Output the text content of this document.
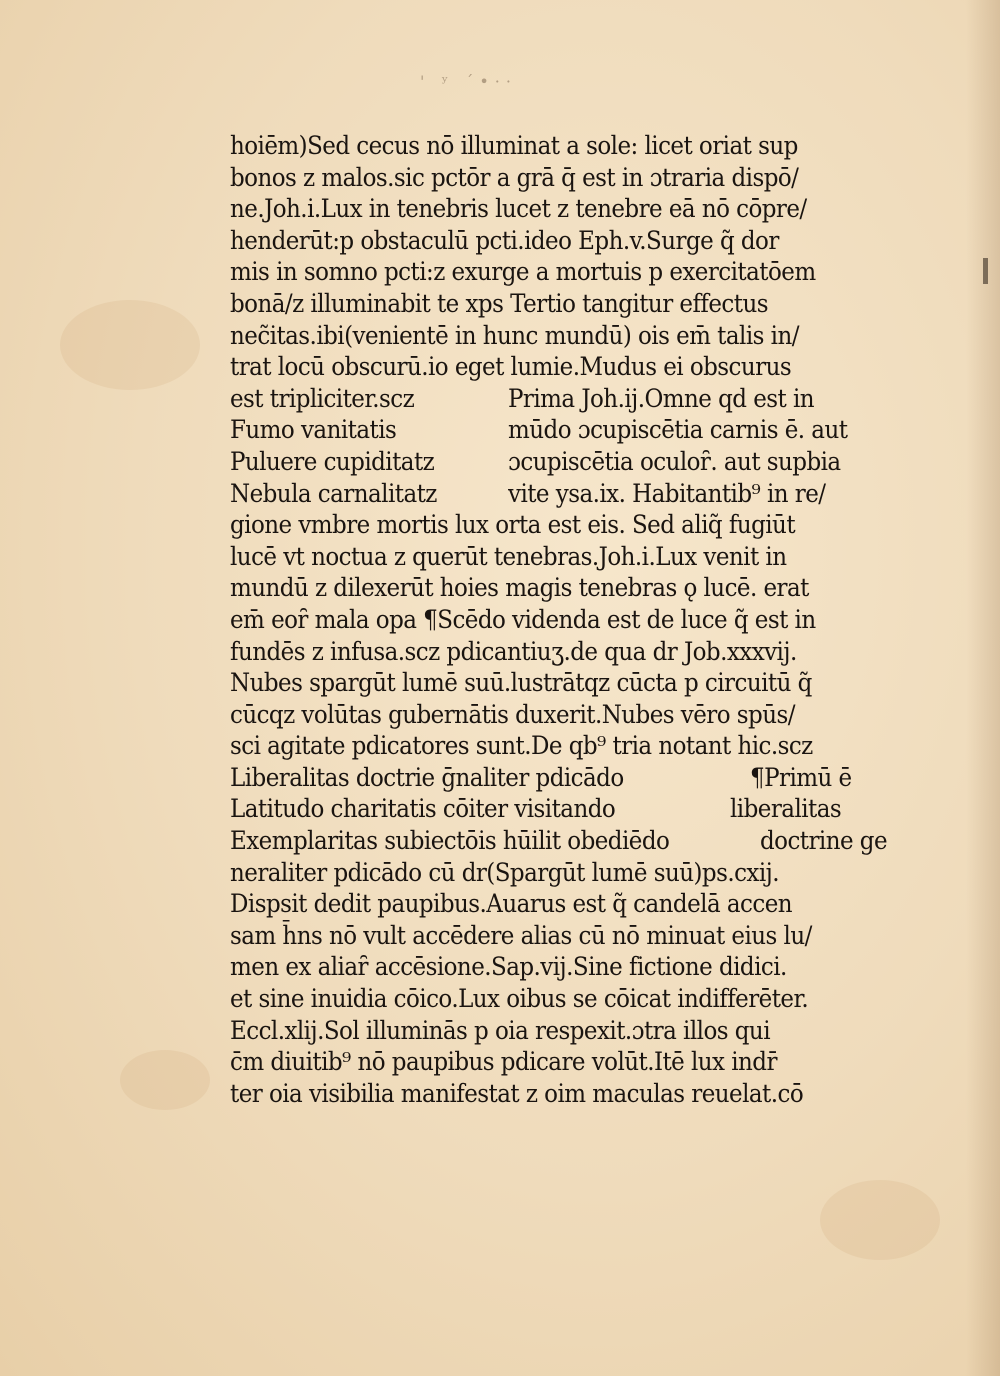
' ʸ ´•··
hoiēm)Sed cecus nō illuminat a sole: licet oriat sup
bonos z malos.sic pctōr a grā q̄ est in ɔtraria dispō/
ne.Joh.i.Lux in tenebris lucet z tenebre eā nō cōpre/
henderūt:p obstaculū pcti.ideo Eph.v.Surge q̃ dor
mis in somno pcti:z exurge a mortuis p exercitatōem
bonā/z illuminabit te xps Tertio tangitur effectus
nec̃itas.ibi(venientē in hunc mundū) ois em̄ talis in/
trat locū obscurū.io eget lumie.Mudus ei obscurus
est tripliciter.scz	Prima Joh.ij.Omne qd est in
Fumo vanitatis	mūdo ɔcupiscētia carnis ē. aut
Puluere cupiditatz	ɔcupiscētia oculoȓ. aut supbia
Nebula carnalitatz	vite ysa.ix. Habitantib⁹ in re/
gione vmbre mortis lux orta est eis. Sed aliq̃ fugiūt
lucē vt noctua z querūt tenebras.Joh.i.Lux venit in
mundū z dilexerūt hoies magis tenebras ǫ lucē. erat
em̄ eoȓ mala opa ¶Scēdo videnda est de luce q̃ est in
fundēs z infusa.scz pdicantiuʒ.de qua dr Job.xxxvij.
Nubes spargūt lumē suū.lustrātqz cūcta p circuitū q̃
cūcqz volūtas gubernātis duxerit.Nubes vēro spūs/
sci agitate pdicatores sunt.De qb⁹ tria notant hic.scz
Liberalitas doctrie ḡnaliter pdicādo	¶Primū ē
Latitudo charitatis cōiter visitando	liberalitas
Exemplaritas subiectōis hūilit obediēdo	doctrine ge
neraliter pdicādo cū dr(Spargūt lumē suū)ps.cxij.
Dispsit dedit paupibus.Auarus est q̃ candelā accen
sam h̄ns nō vult accēdere alias cū nō minuat eius lu/
men ex aliaȓ accēsione.Sap.vij.Sine fictione didici.
et sine inuidia cōico.Lux oibus se cōicat indifferēter.
Eccl.xlij.Sol illuminās p oia respexit.ɔtra illos qui
c̄m diuitib⁹ nō paupibus pdicare volūt.Itē lux indr̄
ter oia visibilia manifestat z oim maculas reuelat.cō
